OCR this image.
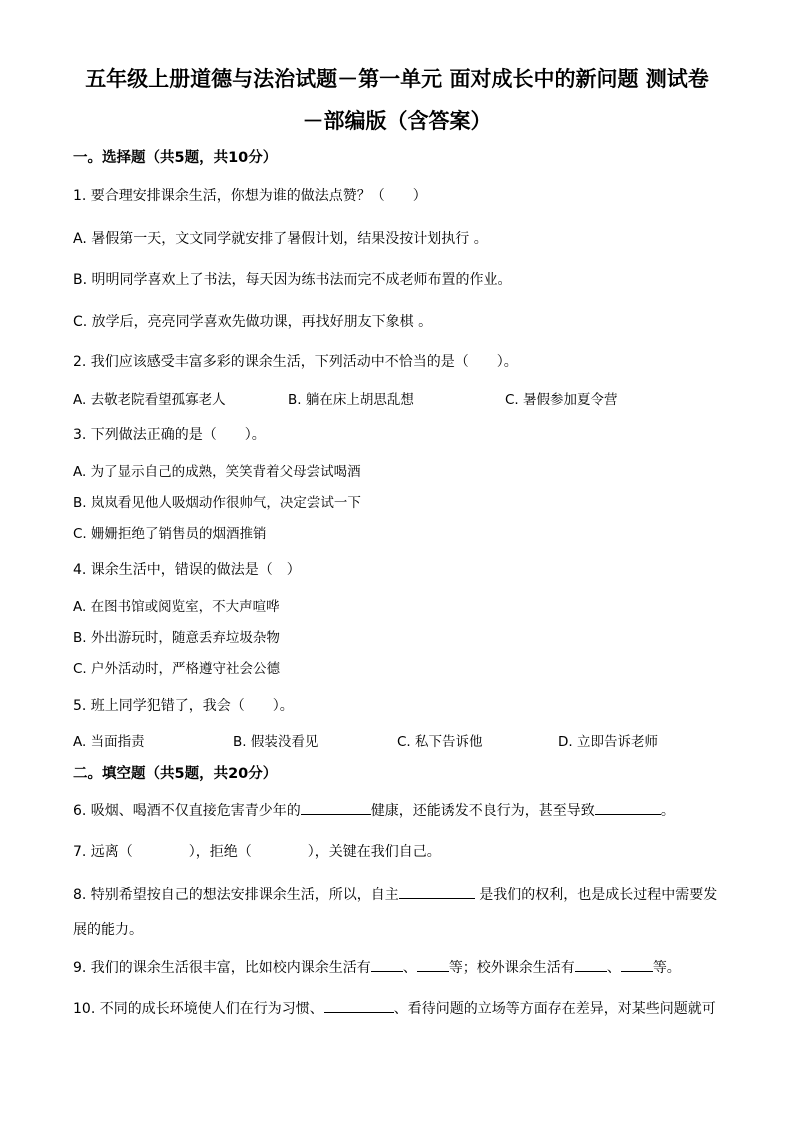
五年级上册道德与法治试题－第一单元 面对成长中的新问题 测试卷
－部编版（含答案）
一。选择题（共5题，共10分）
1. 要合理安排课余生活，你想为谁的做法点赞？（　　）
A. 暑假第一天，文文同学就安排了暑假计划，结果没按计划执行 。
B. 明明同学喜欢上了书法，每天因为练书法而完不成老师布置的作业。
C. 放学后，亮亮同学喜欢先做功课，再找好朋友下象棋 。
2. 我们应该感受丰富多彩的课余生活，下列活动中不恰当的是（　　）。
A. 去敬老院看望孤寡老人	B. 躺在床上胡思乱想	C. 暑假参加夏令营
3. 下列做法正确的是（　　）。
A. 为了显示自己的成熟，笑笑背着父母尝试喝酒
B. 岚岚看见他人吸烟动作很帅气，决定尝试一下
C. 姗姗拒绝了销售员的烟酒推销
4. 课余生活中，错误的做法是（　）
A. 在图书馆或阅览室，不大声喧哗
B. 外出游玩时，随意丢弃垃圾杂物
C. 户外活动时，严格遵守社会公德
5. 班上同学犯错了，我会（　　）。
A. 当面指责	B. 假装没看见	C. 私下告诉他	D. 立即告诉老师
二。填空题（共5题，共20分）
6. 吸烟、喝酒不仅直接危害青少年的	健康，还能诱发不良行为，甚至导致	。
7. 远离（　　　　），拒绝（　　　　），关键在我们自己。
8. 特别希望按自己的想法安排课余生活，所以，自主	是我们的权利，也是成长过程中需要发
展的能力。
9. 我们的课余生活很丰富，比如校内课余生活有 、 等；校外课余生活有 、 等。
10. 不同的成长环境使人们在行为习惯、	、看待问题的立场等方面存在差异，对某些问题就可
